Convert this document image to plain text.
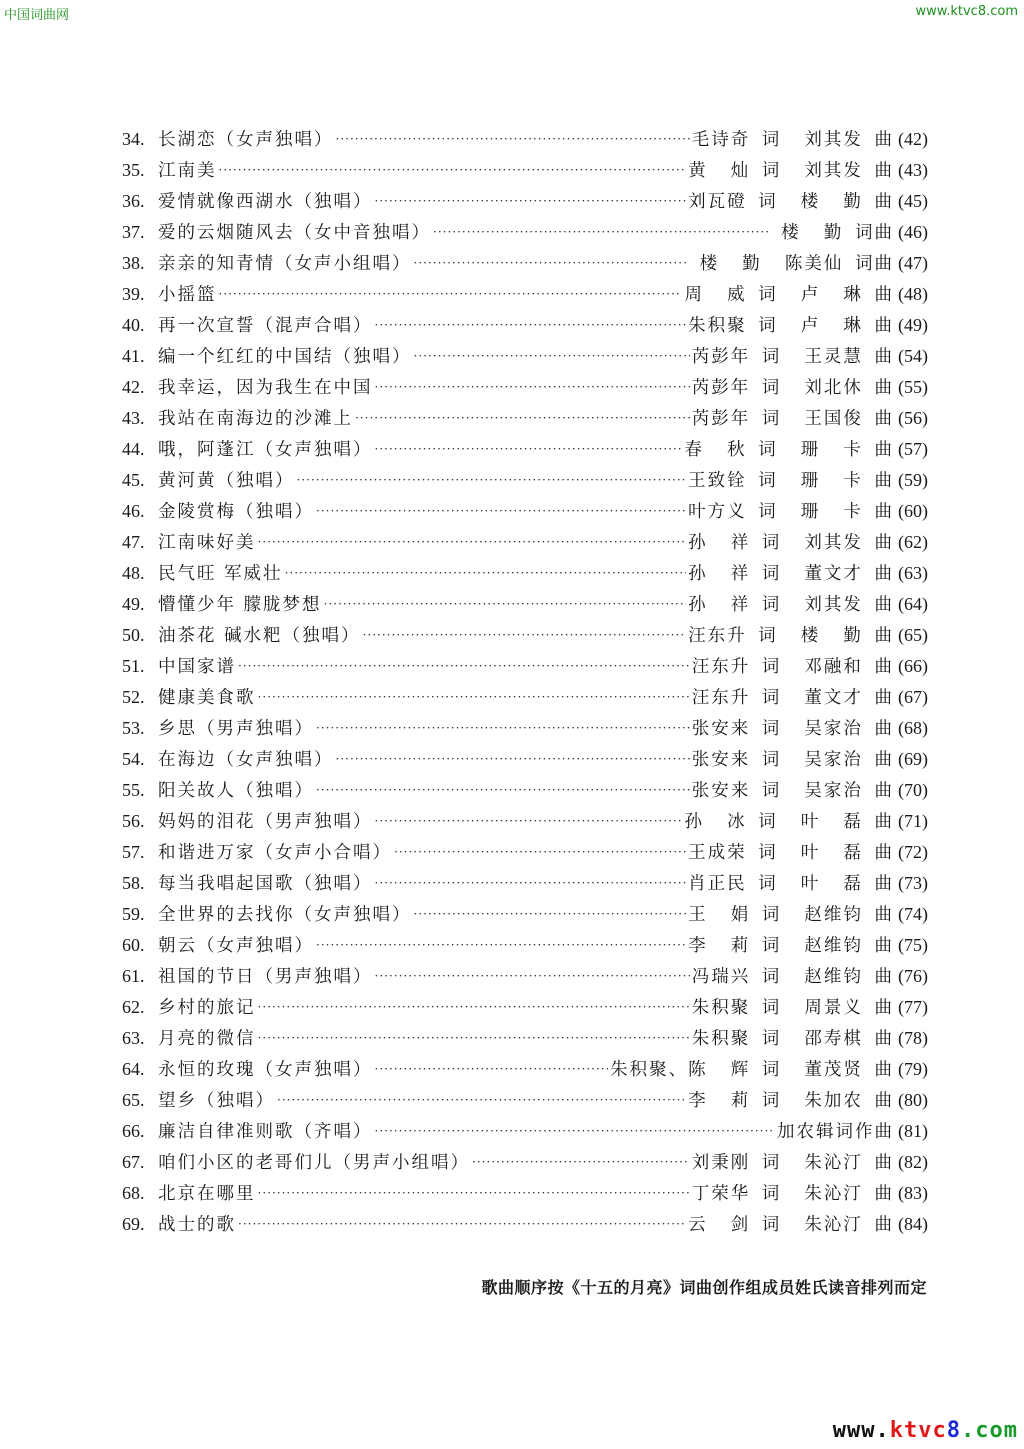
中国词曲网	www.ktvc8.com
34. 长湖恋（女声独唱） ·····	毛诗奇 词  刘其发 曲 (42)
35. 江南美 ·····	黄  灿 词  刘其发 曲 (43)
36. 爱情就像西湖水（独唱） ·····	刘瓦磴 词  楼  勤 曲 (45)
37. 爱的云烟随风去（女中音独唱） ·····	楼  勤 词曲 (46)
38. 亲亲的知青情（女声小组唱） ·····	楼  勤  陈美仙 词曲 (47)
39. 小摇篮 ·····	周  威 词  卢  琳 曲 (48)
40. 再一次宣誓（混声合唱） ·····	朱积聚 词  卢  琳 曲 (49)
41. 编一个红红的中国结（独唱） ·····	芮彭年 词  王灵慧 曲 (54)
42. 我幸运，因为我生在中国 ·····	芮彭年 词  刘北休 曲 (55)
43. 我站在南海边的沙滩上 ·····	芮彭年 词  王国俊 曲 (56)
44. 哦，阿蓬江（女声独唱） ·····	春  秋 词  珊  卡 曲 (57)
45. 黄河黄（独唱） ·····	王致铨 词  珊  卡 曲 (59)
46. 金陵赏梅（独唱） ·····	叶方义 词  珊  卡 曲 (60)
47. 江南味好美 ·····	孙  祥 词  刘其发 曲 (62)
48. 民气旺 军威壮 ·····	孙  祥 词  董文才 曲 (63)
49. 懵懂少年 朦胧梦想 ·····	孙  祥 词  刘其发 曲 (64)
50. 油茶花 碱水粑（独唱） ·····	汪东升 词  楼  勤 曲 (65)
51. 中国家谱 ·····	汪东升 词  邓融和 曲 (66)
52. 健康美食歌 ·····	汪东升 词  董文才 曲 (67)
53. 乡思（男声独唱） ·····	张安来 词  吴家治 曲 (68)
54. 在海边（女声独唱） ·····	张安来 词  吴家治 曲 (69)
55. 阳关故人（独唱） ·····	张安来 词  吴家治 曲 (70)
56. 妈妈的泪花（男声独唱） ·····	孙  冰 词  叶  磊 曲 (71)
57. 和谐进万家（女声小合唱） ·····	王成荣 词  叶  磊 曲 (72)
58. 每当我唱起国歌（独唱） ·····	肖正民 词  叶  磊 曲 (73)
59. 全世界的去找你（女声独唱） ·····	王  娟 词  赵维钧 曲 (74)
60. 朝云（女声独唱） ·····	李  莉 词  赵维钧 曲 (75)
61. 祖国的节日（男声独唱） ·····	冯瑞兴 词  赵维钧 曲 (76)
62. 乡村的旅记 ·····	朱积聚 词  周景义 曲 (77)
63. 月亮的微信 ·····	朱积聚 词  邵寿棋 曲 (78)
64. 永恒的玫瑰（女声独唱） ·····	朱积聚、陈  辉 词  董茂贤 曲 (79)
65. 望乡（独唱） ·····	李  莉 词  朱加农 曲 (80)
66. 廉洁自律准则歌（齐唱） ·····	加农辑词作曲 (81)
67. 咱们小区的老哥们儿（男声小组唱） ·····	刘秉刚 词  朱沁汀 曲 (82)
68. 北京在哪里 ·····	丁荣华 词  朱沁汀 曲 (83)
69. 战士的歌 ·····	云  剑 词  朱沁汀 曲 (84)
歌曲顺序按《十五的月亮》词曲创作组成员姓氏读音排列而定
www.ktvc8.com
